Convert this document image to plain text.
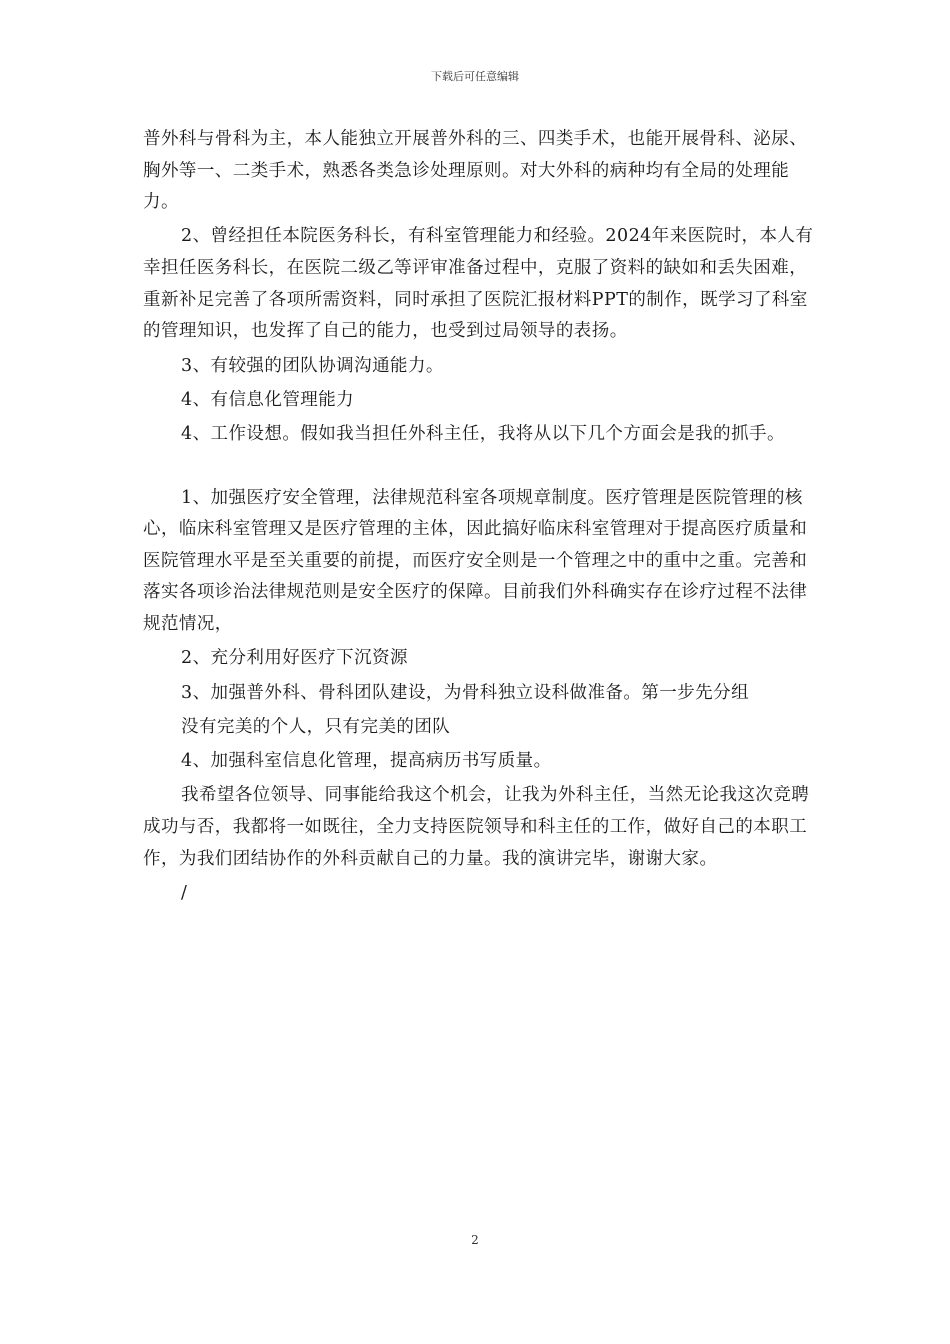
下载后可任意编辑

普外科与骨科为主，本人能独立开展普外科的三、四类手术，也能开展骨科、泌尿、胸外等一、二类手术，熟悉各类急诊处理原则。对大外科的病种均有全局的处理能力。

2、曾经担任本院医务科长，有科室管理能力和经验。2024年来医院时，本人有幸担任医务科长，在医院二级乙等评审准备过程中，克服了资料的缺如和丢失困难，重新补足完善了各项所需资料，同时承担了医院汇报材料PPT的制作，既学习了科室的管理知识，也发挥了自己的能力，也受到过局领导的表扬。

3、有较强的团队协调沟通能力。

4、有信息化管理能力

4、工作设想。假如我当担任外科主任，我将从以下几个方面会是我的抓手。

1、加强医疗安全管理，法律规范科室各项规章制度。医疗管理是医院管理的核心，临床科室管理又是医疗管理的主体，因此搞好临床科室管理对于提高医疗质量和医院管理水平是至关重要的前提，而医疗安全则是一个管理之中的重中之重。完善和落实各项诊治法律规范则是安全医疗的保障。目前我们外科确实存在诊疗过程不法律规范情况，

2、充分利用好医疗下沉资源

3、加强普外科、骨科团队建设，为骨科独立设科做准备。第一步先分组

没有完美的个人，只有完美的团队

4、加强科室信息化管理，提高病历书写质量。

我希望各位领导、同事能给我这个机会，让我为外科主任，当然无论我这次竞聘成功与否，我都将一如既往，全力支持医院领导和科主任的工作，做好自己的本职工作，为我们团结协作的外科贡献自己的力量。我的演讲完毕，谢谢大家。

/

2
